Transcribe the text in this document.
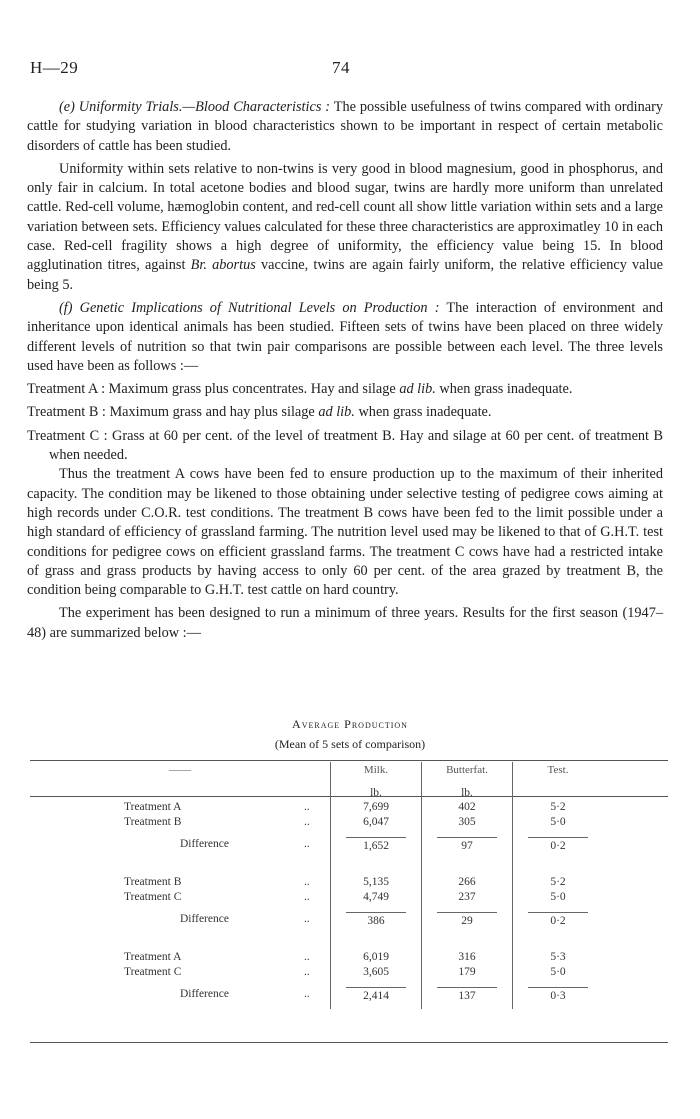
H—29	74

(e) Uniformity Trials.—Blood Characteristics : The possible usefulness of twins compared with ordinary cattle for studying variation in blood characteristics shown to be important in respect of certain metabolic disorders of cattle has been studied.

Uniformity within sets relative to non-twins is very good in blood magnesium, good in phosphorus, and only fair in calcium. In total acetone bodies and blood sugar, twins are hardly more uniform than unrelated cattle. Red-cell volume, hæmoglobin content, and red-cell count all show little variation within sets and a large variation between sets. Efficiency values calculated for these three characteristics are approximatley 10 in each case. Red-cell fragility shows a high degree of uniformity, the efficiency value being 15. In blood agglutination titres, against Br. abortus vaccine, twins are again fairly uniform, the relative efficiency value being 5.

(f) Genetic Implications of Nutritional Levels on Production : The interaction of environment and inheritance upon identical animals has been studied. Fifteen sets of twins have been placed on three widely different levels of nutrition so that twin pair comparisons are possible between each level. The three levels used have been as follows :—

Treatment A : Maximum grass plus concentrates. Hay and silage ad lib. when grass inadequate.

Treatment B : Maximum grass and hay plus silage ad lib. when grass inadequate.

Treatment C : Grass at 60 per cent. of the level of treatment B. Hay and silage at 60 per cent. of treatment B when needed.

Thus the treatment A cows have been fed to ensure production up to the maximum of their inherited capacity. The condition may be likened to those obtaining under selective testing of pedigree cows aiming at high records under C.O.R. test conditions. The treatment B cows have been fed to the limit possible under a high standard of efficiency of grassland farming. The nutrition level used may be likened to that of G.H.T. test conditions for pedigree cows on efficient grassland farms. The treatment C cows have had a restricted intake of grass and grass products by having access to only 60 per cent. of the area grazed by treatment B, the condition being comparable to G.H.T. test cattle on hard country.

The experiment has been designed to run a minimum of three years. Results for the first season (1947–48) are summarized below :—

Average Production
(Mean of 5 sets of comparison)
——		Milk.	Butterfat.	Test.	
		lb.	lb.		
Treatment A	..	7,699	402	5·2	
Treatment B	..	6,047	305	5·0	
Difference	..	1,652	97	0·2	

Treatment B	..	5,135	266	5·2	
Treatment C	..	4,749	237	5·0	
Difference	..	386	29	0·2	

Treatment A	..	6,019	316	5·3	
Treatment C	..	3,605	179	5·0	
Difference	..	2,414	137	0·3	
